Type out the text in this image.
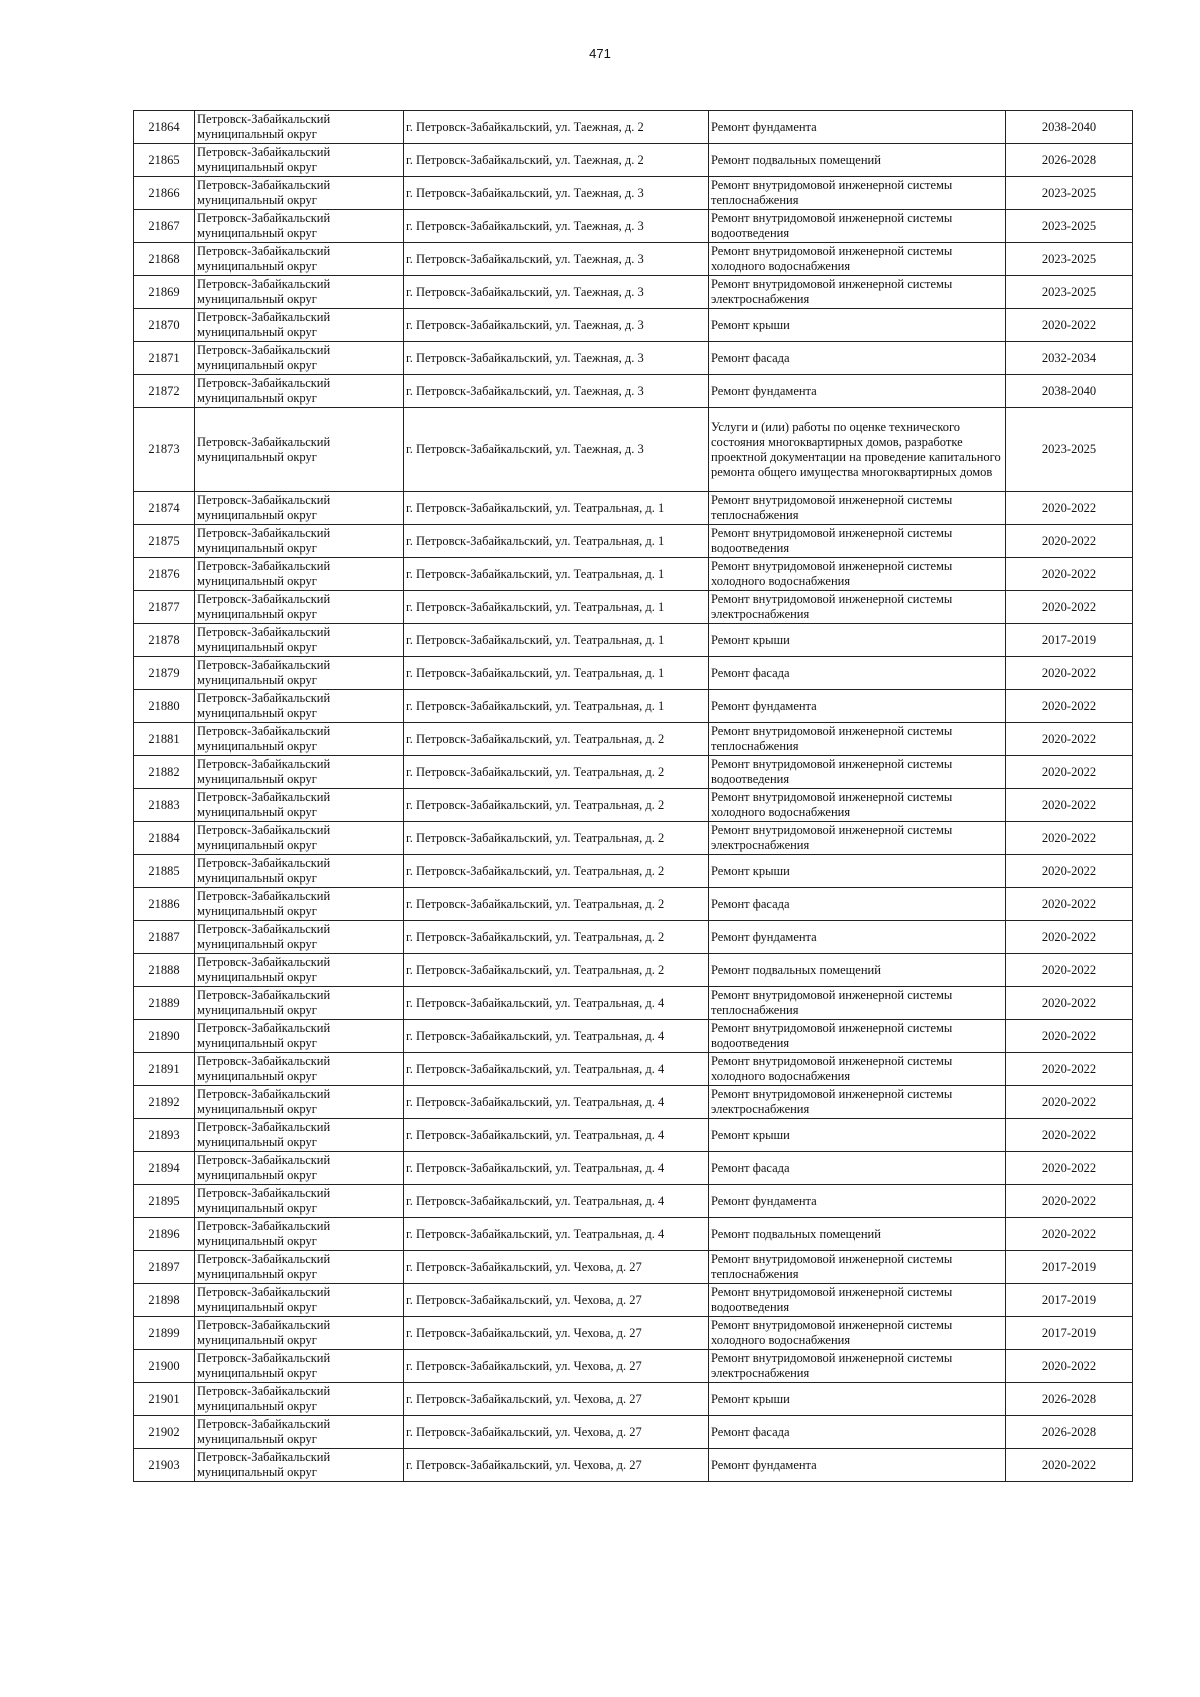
471
21864	Петровск-Забайкальский муниципальный округ	г. Петровск-Забайкальский, ул. Таежная, д. 2	Ремонт фундамента	2038-2040
21865	Петровск-Забайкальский муниципальный округ	г. Петровск-Забайкальский, ул. Таежная, д. 2	Ремонт подвальных помещений	2026-2028
21866	Петровск-Забайкальский муниципальный округ	г. Петровск-Забайкальский, ул. Таежная, д. 3	Ремонт внутридомовой инженерной системы теплоснабжения	2023-2025
21867	Петровск-Забайкальский муниципальный округ	г. Петровск-Забайкальский, ул. Таежная, д. 3	Ремонт внутридомовой инженерной системы водоотведения	2023-2025
21868	Петровск-Забайкальский муниципальный округ	г. Петровск-Забайкальский, ул. Таежная, д. 3	Ремонт внутридомовой инженерной системы холодного водоснабжения	2023-2025
21869	Петровск-Забайкальский муниципальный округ	г. Петровск-Забайкальский, ул. Таежная, д. 3	Ремонт внутридомовой инженерной системы электроснабжения	2023-2025
21870	Петровск-Забайкальский муниципальный округ	г. Петровск-Забайкальский, ул. Таежная, д. 3	Ремонт крыши	2020-2022
21871	Петровск-Забайкальский муниципальный округ	г. Петровск-Забайкальский, ул. Таежная, д. 3	Ремонт фасада	2032-2034
21872	Петровск-Забайкальский муниципальный округ	г. Петровск-Забайкальский, ул. Таежная, д. 3	Ремонт фундамента	2038-2040
21873	Петровск-Забайкальский муниципальный округ	г. Петровск-Забайкальский, ул. Таежная, д. 3	Услуги и (или) работы по оценке технического состояния многоквартирных домов, разработке проектной документации на проведение капитального ремонта общего имущества многоквартирных домов	2023-2025
21874	Петровск-Забайкальский муниципальный округ	г. Петровск-Забайкальский, ул. Театральная, д. 1	Ремонт внутридомовой инженерной системы теплоснабжения	2020-2022
21875	Петровск-Забайкальский муниципальный округ	г. Петровск-Забайкальский, ул. Театральная, д. 1	Ремонт внутридомовой инженерной системы водоотведения	2020-2022
21876	Петровск-Забайкальский муниципальный округ	г. Петровск-Забайкальский, ул. Театральная, д. 1	Ремонт внутридомовой инженерной системы холодного водоснабжения	2020-2022
21877	Петровск-Забайкальский муниципальный округ	г. Петровск-Забайкальский, ул. Театральная, д. 1	Ремонт внутридомовой инженерной системы электроснабжения	2020-2022
21878	Петровск-Забайкальский муниципальный округ	г. Петровск-Забайкальский, ул. Театральная, д. 1	Ремонт крыши	2017-2019
21879	Петровск-Забайкальский муниципальный округ	г. Петровск-Забайкальский, ул. Театральная, д. 1	Ремонт фасада	2020-2022
21880	Петровск-Забайкальский муниципальный округ	г. Петровск-Забайкальский, ул. Театральная, д. 1	Ремонт фундамента	2020-2022
21881	Петровск-Забайкальский муниципальный округ	г. Петровск-Забайкальский, ул. Театральная, д. 2	Ремонт внутридомовой инженерной системы теплоснабжения	2020-2022
21882	Петровск-Забайкальский муниципальный округ	г. Петровск-Забайкальский, ул. Театральная, д. 2	Ремонт внутридомовой инженерной системы водоотведения	2020-2022
21883	Петровск-Забайкальский муниципальный округ	г. Петровск-Забайкальский, ул. Театральная, д. 2	Ремонт внутридомовой инженерной системы холодного водоснабжения	2020-2022
21884	Петровск-Забайкальский муниципальный округ	г. Петровск-Забайкальский, ул. Театральная, д. 2	Ремонт внутридомовой инженерной системы электроснабжения	2020-2022
21885	Петровск-Забайкальский муниципальный округ	г. Петровск-Забайкальский, ул. Театральная, д. 2	Ремонт крыши	2020-2022
21886	Петровск-Забайкальский муниципальный округ	г. Петровск-Забайкальский, ул. Театральная, д. 2	Ремонт фасада	2020-2022
21887	Петровск-Забайкальский муниципальный округ	г. Петровск-Забайкальский, ул. Театральная, д. 2	Ремонт фундамента	2020-2022
21888	Петровск-Забайкальский муниципальный округ	г. Петровск-Забайкальский, ул. Театральная, д. 2	Ремонт подвальных помещений	2020-2022
21889	Петровск-Забайкальский муниципальный округ	г. Петровск-Забайкальский, ул. Театральная, д. 4	Ремонт внутридомовой инженерной системы теплоснабжения	2020-2022
21890	Петровск-Забайкальский муниципальный округ	г. Петровск-Забайкальский, ул. Театральная, д. 4	Ремонт внутридомовой инженерной системы водоотведения	2020-2022
21891	Петровск-Забайкальский муниципальный округ	г. Петровск-Забайкальский, ул. Театральная, д. 4	Ремонт внутридомовой инженерной системы холодного водоснабжения	2020-2022
21892	Петровск-Забайкальский муниципальный округ	г. Петровск-Забайкальский, ул. Театральная, д. 4	Ремонт внутридомовой инженерной системы электроснабжения	2020-2022
21893	Петровск-Забайкальский муниципальный округ	г. Петровск-Забайкальский, ул. Театральная, д. 4	Ремонт крыши	2020-2022
21894	Петровск-Забайкальский муниципальный округ	г. Петровск-Забайкальский, ул. Театральная, д. 4	Ремонт фасада	2020-2022
21895	Петровск-Забайкальский муниципальный округ	г. Петровск-Забайкальский, ул. Театральная, д. 4	Ремонт фундамента	2020-2022
21896	Петровск-Забайкальский муниципальный округ	г. Петровск-Забайкальский, ул. Театральная, д. 4	Ремонт подвальных помещений	2020-2022
21897	Петровск-Забайкальский муниципальный округ	г. Петровск-Забайкальский, ул. Чехова, д. 27	Ремонт внутридомовой инженерной системы теплоснабжения	2017-2019
21898	Петровск-Забайкальский муниципальный округ	г. Петровск-Забайкальский, ул. Чехова, д. 27	Ремонт внутридомовой инженерной системы водоотведения	2017-2019
21899	Петровск-Забайкальский муниципальный округ	г. Петровск-Забайкальский, ул. Чехова, д. 27	Ремонт внутридомовой инженерной системы холодного водоснабжения	2017-2019
21900	Петровск-Забайкальский муниципальный округ	г. Петровск-Забайкальский, ул. Чехова, д. 27	Ремонт внутридомовой инженерной системы электроснабжения	2020-2022
21901	Петровск-Забайкальский муниципальный округ	г. Петровск-Забайкальский, ул. Чехова, д. 27	Ремонт крыши	2026-2028
21902	Петровск-Забайкальский муниципальный округ	г. Петровск-Забайкальский, ул. Чехова, д. 27	Ремонт фасада	2026-2028
21903	Петровск-Забайкальский муниципальный округ	г. Петровск-Забайкальский, ул. Чехова, д. 27	Ремонт фундамента	2020-2022
